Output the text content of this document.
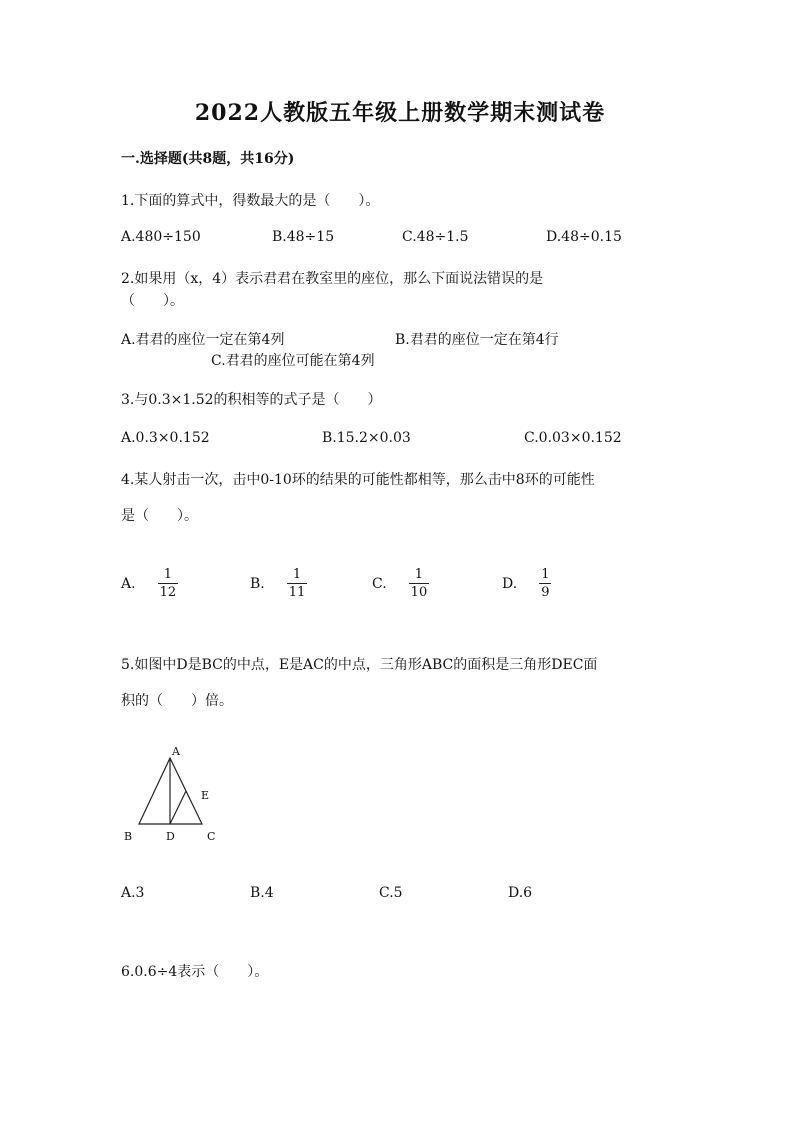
2022人教版五年级上册数学期末测试卷
一.选择题(共8题，共16分)
1.下面的算式中，得数最大的是（　　）。
A.480÷150	B.48÷15	C.48÷1.5	D.48÷0.15
2.如果用（x，4）表示君君在教室里的座位，那么下面说法错误的是
（　　）。
A.君君的座位一定在第4列	B.君君的座位一定在第4行
C.君君的座位可能在第4列
3.与0.3×1.52的积相等的式子是（　　）
A.0.3×0.152	B.15.2×0.03	C.0.03×0.152
4.某人射击一次，击中0-10环的结果的可能性都相等，那么击中8环的可能性
是（　　）。
A. $\frac{1}{12}$	B. $\frac{1}{11}$	C. $\frac{1}{10}$	D. $\frac{1}{9}$
5.如图中D是BC的中点，E是AC的中点，三角形ABC的面积是三角形DEC面
积的（　　）倍。
A
B	D	C
E
A.3	B.4	C.5	D.6
6.0.6÷4表示（　　）。
